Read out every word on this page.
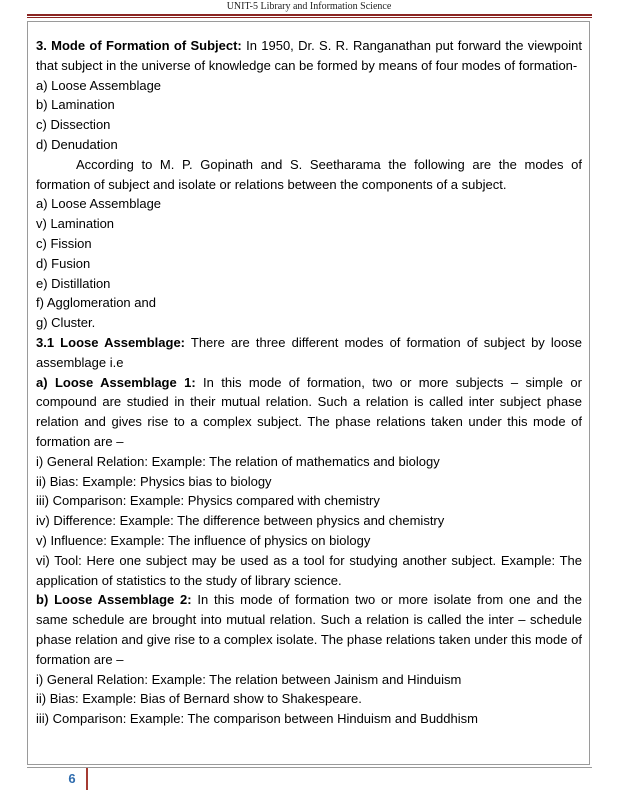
UNIT-5 Library and Information Science

3. Mode of Formation of Subject: In 1950, Dr. S. R. Ranganathan put forward the viewpoint that subject in the universe of knowledge can be formed by means of four modes of formation-

a) Loose Assemblage

b) Lamination

c) Dissection

d) Denudation

According to M. P. Gopinath and S. Seetharama the following are the modes of formation of subject and isolate or relations between the components of a subject.

a) Loose Assemblage

v) Lamination

c) Fission

d) Fusion

e) Distillation

f) Agglomeration and

g) Cluster.

3.1 Loose Assemblage: There are three different modes of formation of subject by loose assemblage i.e

a) Loose Assemblage 1: In this mode of formation, two or more subjects – simple or compound are studied in their mutual relation. Such a relation is called inter subject phase relation and gives rise to a complex subject. The phase relations taken under this mode of formation are –

i) General Relation: Example: The relation of mathematics and biology

ii) Bias: Example: Physics bias to biology

iii) Comparison: Example: Physics compared with chemistry

iv) Difference: Example: The difference between physics and chemistry

v) Influence: Example: The influence of physics on biology

vi) Tool: Here one subject may be used as a tool for studying another subject. Example: The application of statistics to the study of library science.

b) Loose Assemblage 2: In this mode of formation two or more isolate from one and the same schedule are brought into mutual relation. Such a relation is called the inter – schedule phase relation and give rise to a complex isolate. The phase relations taken under this mode of formation are –

i) General Relation: Example: The relation between Jainism and Hinduism

ii) Bias: Example: Bias of Bernard show to Shakespeare.

iii) Comparison: Example: The comparison between Hinduism and Buddhism

6
